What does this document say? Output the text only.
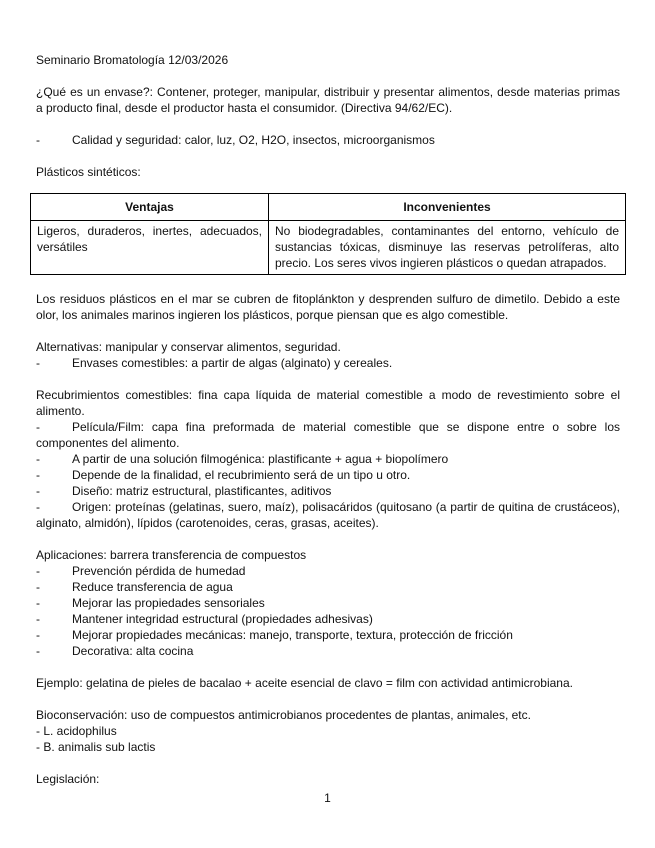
Seminario Bromatología 12/03/2026

¿Qué es un envase?: Contener, proteger, manipular, distribuir y presentar alimentos, desde materias primas a producto final, desde el productor hasta el consumidor. (Directiva 94/62/EC).

-	Calidad y seguridad: calor, luz, O2, H2O, insectos, microorganismos

Plásticos sintéticos:

Ventajas	Inconvenientes
Ligeros, duraderos, inertes, adecuados, versátiles	No biodegradables, contaminantes del entorno, vehículo de sustancias tóxicas, disminuye las reservas petrolíferas, alto precio. Los seres vivos ingieren plásticos o quedan atrapados.

Los residuos plásticos en el mar se cubren de fitoplánkton y desprenden sulfuro de dimetilo. Debido a este olor, los animales marinos ingieren los plásticos, porque piensan que es algo comestible.

Alternativas: manipular y conservar alimentos, seguridad.

-	Envases comestibles: a partir de algas (alginato) y cereales.

Recubrimientos comestibles: fina capa líquida de material comestible a modo de revestimiento sobre el alimento.

-	Película/Film: capa fina preformada de material comestible que se dispone entre o sobre los componentes del alimento.

-	A partir de una solución filmogénica: plastificante + agua + biopolímero

-	Depende de la finalidad, el recubrimiento será de un tipo u otro.

-	Diseño: matriz estructural, plastificantes, aditivos

-	Origen: proteínas (gelatinas, suero, maíz), polisacáridos (quitosano (a partir de quitina de crustáceos), alginato, almidón), lípidos (carotenoides, ceras, grasas, aceites).

Aplicaciones: barrera transferencia de compuestos

-	Prevención pérdida de humedad

-	Reduce transferencia de agua

-	Mejorar las propiedades sensoriales

-	Mantener integridad estructural (propiedades adhesivas)

-	Mejorar propiedades mecánicas: manejo, transporte, textura, protección de fricción

-	Decorativa: alta cocina

Ejemplo: gelatina de pieles de bacalao + aceite esencial de clavo = film con actividad antimicrobiana.

Bioconservación: uso de compuestos antimicrobianos procedentes de plantas, animales, etc.

- L. acidophilus

- B. animalis sub lactis

Legislación:

1
